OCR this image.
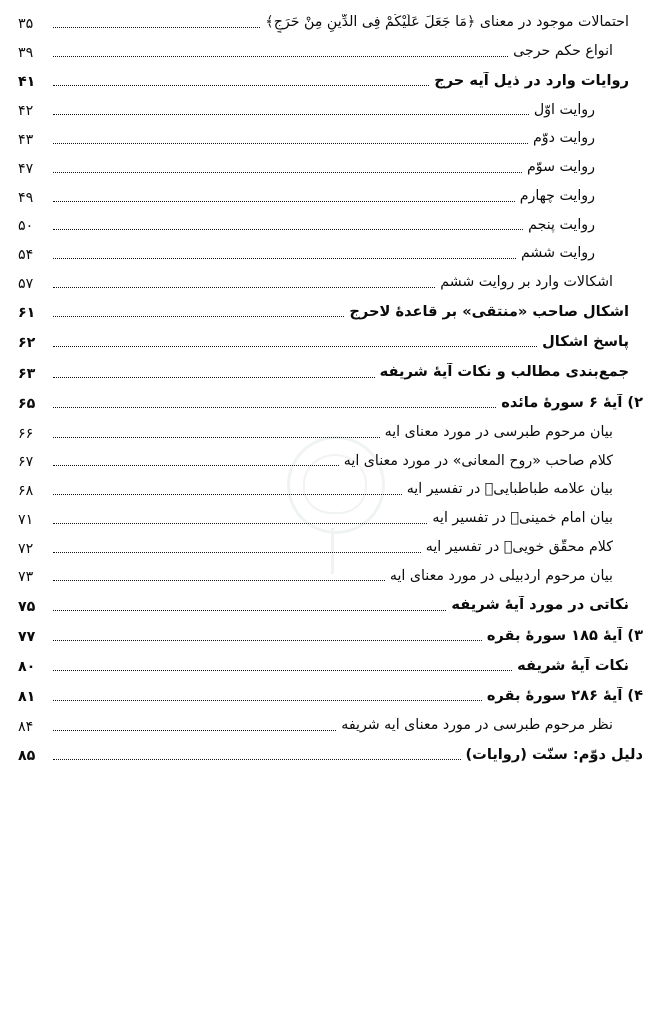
احتمالات موجود در معنای ﴿مَا جَعَلَ عَلَيْكُمْ فِی الدِّينِ مِنْ حَرَجٍ﴾
۳۵
انواع حکم حرجی
۳۹
روایات وارد در ذیل آیه حرج
۴۱
روایت اوّل
۴۲
روایت دوّم
۴۳
روایت سوّم
۴۷
روایت چهارم
۴۹
روایت پنجم
۵۰
روایت ششم
۵۴
اشکالات وارد بر روایت ششم
۵۷
اشکال صاحب «منتقی» بر قاعدۀ لاحرج
۶۱
پاسخ اشکال
۶۲
جمع‌بندی مطالب و نکات آیۀ شریفه
۶۳
۲) آیۀ ۶ سورۀ مائده
۶۵
بیان مرحوم طبرسی در مورد معنای آیه
۶۶
کلام صاحب «روح المعانی» در مورد معنای آیه
۶۷
بیان علامه طباطبایی﷫ در تفسیر آیه
۶۸
بیان امام خمینی﷫ در تفسیر آیه
۷۱
کلام محقّق خویی﷫ در تفسیر آیه
۷۲
بیان مرحوم اردبیلی در مورد معنای آیه
۷۳
نکاتی در مورد آیۀ شریفه
۷۵
۳) آیۀ ۱۸۵ سورۀ بقره
۷۷
نکات آیۀ شریفه
۸۰
۴) آیۀ ۲۸۶ سورۀ بقره
۸۱
نظر مرحوم طبرسی در مورد معنای آیه شریفه
۸۴
دلیل دوّم: سنّت (روایات)
۸۵
